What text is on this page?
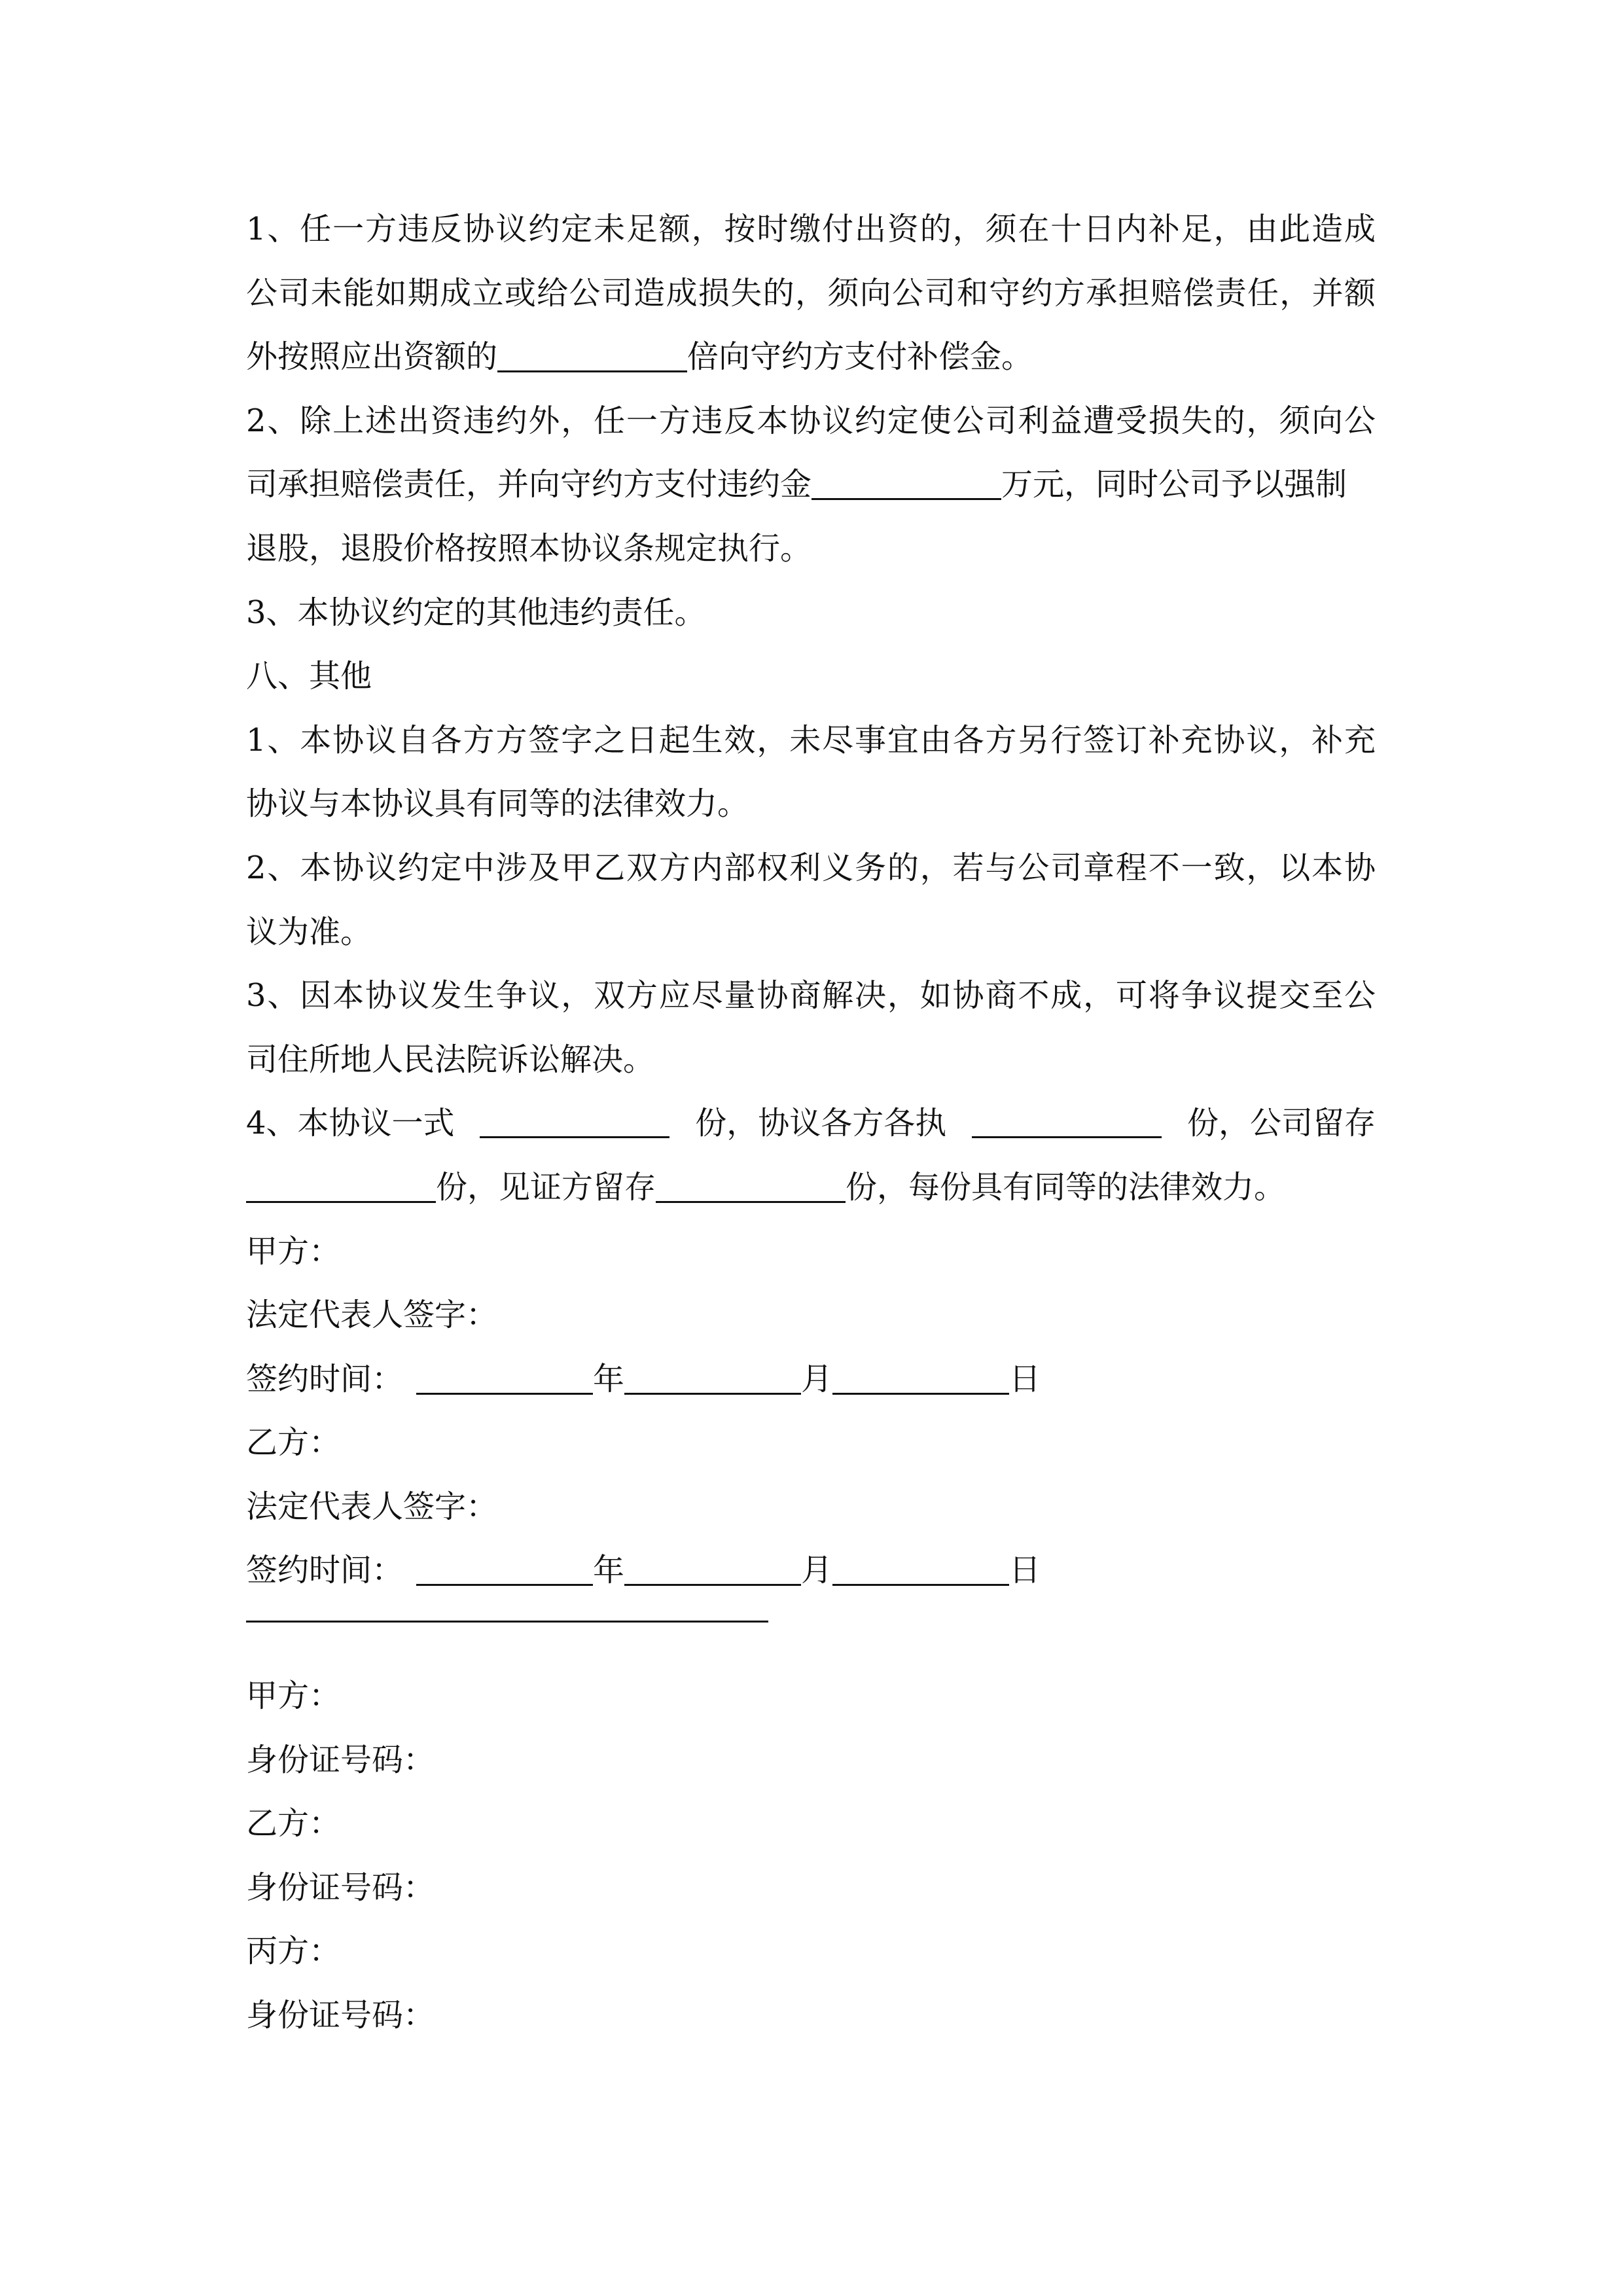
1、任一方违反协议约定未足额，按时缴付出资的，须在十日内补足，由此造成
公司未能如期成立或给公司造成损失的，须向公司和守约方承担赔偿责任，并额
外按照应出资额的	倍向守约方支付补偿金。
2、除上述出资违约外，任一方违反本协议约定使公司利益遭受损失的，须向公
司承担赔偿责任，并向守约方支付违约金	万元，同时公司予以强制
退股，退股价格按照本协议条规定执行。
3、本协议约定的其他违约责任。
八、其他
1、本协议自各方方签字之日起生效，未尽事宜由各方另行签订补充协议，补充
协议与本协议具有同等的法律效力。
2、本协议约定中涉及甲乙双方内部权利义务的，若与公司章程不一致，以本协
议为准。
3、因本协议发生争议，双方应尽量协商解决，如协商不成，可将争议提交至公
司住所地人民法院诉讼解决。
4、本协议一式	份，协议各方各执	份，公司留存
份，见证方留存	份，每份具有同等的法律效力。
甲方：
法定代表人签字：
签约时间：	年	月	日
乙方：
法定代表人签字：
签约时间：	年	月	日
甲方：
身份证号码：
乙方：
身份证号码：
丙方：
身份证号码：
